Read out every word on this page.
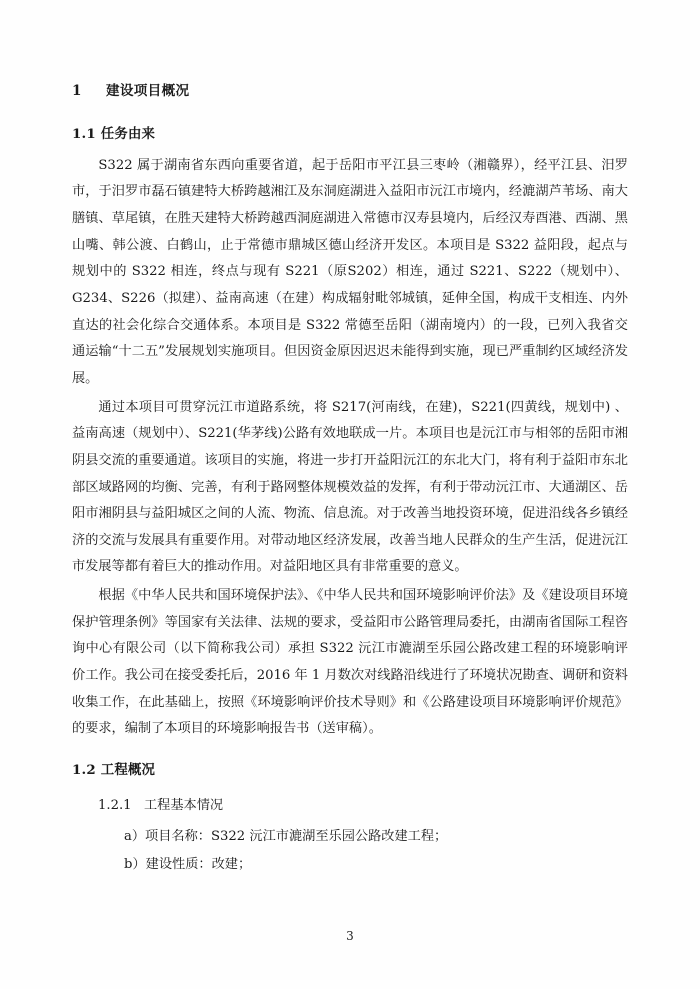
1 建设项目概况
1.1 任务由来

S322 属于湖南省东西向重要省道，起于岳阳市平江县三枣岭（湘赣界），经平江县、汨罗市，于汨罗市磊石镇建特大桥跨越湘江及东洞庭湖进入益阳市沅江市境内，经漉湖芦苇场、南大膳镇、草尾镇，在胜天建特大桥跨越西洞庭湖进入常德市汉寿县境内，后经汉寿酉港、西湖、黑山嘴、韩公渡、白鹤山，止于常德市鼎城区德山经济开发区。本项目是 S322 益阳段，起点与规划中的 S322 相连，终点与现有 S221（原S202）相连，通过 S221、S222（规划中）、G234、S226（拟建）、益南高速（在建）构成辐射毗邻城镇，延伸全国，构成干支相连、内外直达的社会化综合交通体系。本项目是 S322 常德至岳阳（湖南境内）的一段，已列入我省交通运输“十二五”发展规划实施项目。但因资金原因迟迟未能得到实施，现已严重制约区域经济发展。

通过本项目可贯穿沅江市道路系统，将 S217(河南线，在建)，S221(四黄线，规划中) 、益南高速（规划中）、S221(华茅线)公路有效地联成一片。本项目也是沅江市与相邻的岳阳市湘阴县交流的重要通道。该项目的实施，将进一步打开益阳沅江的东北大门，将有利于益阳市东北部区域路网的均衡、完善，有利于路网整体规模效益的发挥，有利于带动沅江市、大通湖区、岳阳市湘阴县与益阳城区之间的人流、物流、信息流。对于改善当地投资环境，促进沿线各乡镇经济的交流与发展具有重要作用。对带动地区经济发展，改善当地人民群众的生产生活，促进沅江市发展等都有着巨大的推动作用。对益阳地区具有非常重要的意义。

根据《中华人民共和国环境保护法》、《中华人民共和国环境影响评价法》及《建设项目环境保护管理条例》等国家有关法律、法规的要求，受益阳市公路管理局委托，由湖南省国际工程咨询中心有限公司（以下简称我公司）承担 S322 沅江市漉湖至乐园公路改建工程的环境影响评价工作。我公司在接受委托后，2016 年 1 月数次对线路沿线进行了环境状况勘查、调研和资料收集工作，在此基础上，按照《环境影响评价技术导则》和《公路建设项目环境影响评价规范》的要求，编制了本项目的环境影响报告书（送审稿）。

1.2 工程概况
1.2.1 工程基本情况
a）项目名称：S322 沅江市漉湖至乐园公路改建工程；
b）建设性质：改建；
3
